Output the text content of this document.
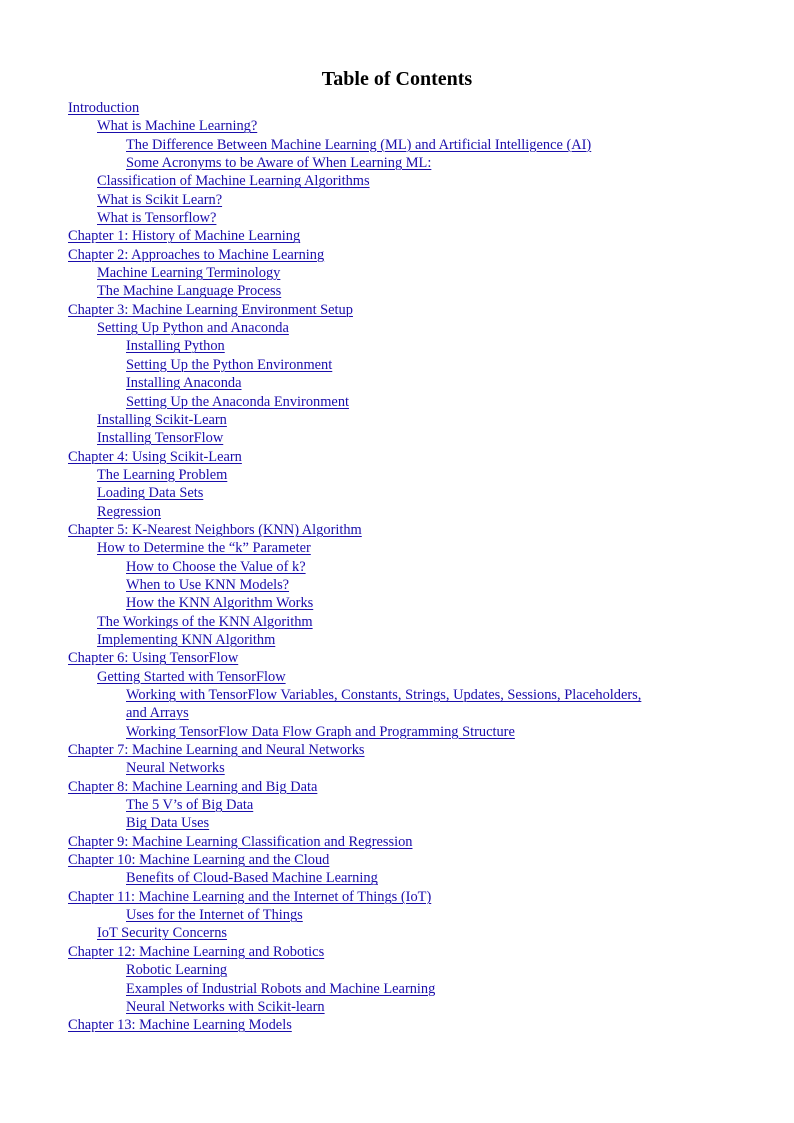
Table of Contents
Introduction
What is Machine Learning?
The Difference Between Machine Learning (ML) and Artificial Intelligence (AI)
Some Acronyms to be Aware of When Learning ML:
Classification of Machine Learning Algorithms
What is Scikit Learn?
What is Tensorflow?
Chapter 1: History of Machine Learning
Chapter 2: Approaches to Machine Learning
Machine Learning Terminology
The Machine Language Process
Chapter 3: Machine Learning Environment Setup
Setting Up Python and Anaconda
Installing Python
Setting Up the Python Environment
Installing Anaconda
Setting Up the Anaconda Environment
Installing Scikit-Learn
Installing TensorFlow
Chapter 4: Using Scikit-Learn
The Learning Problem
Loading Data Sets
Regression
Chapter 5: K-Nearest Neighbors (KNN) Algorithm
How to Determine the “k” Parameter
How to Choose the Value of k?
When to Use KNN Models?
How the KNN Algorithm Works
The Workings of the KNN Algorithm
Implementing KNN Algorithm
Chapter 6: Using TensorFlow
Getting Started with TensorFlow
Working with TensorFlow Variables, Constants, Strings, Updates, Sessions, Placeholders,
and Arrays
Working TensorFlow Data Flow Graph and Programming Structure
Chapter 7: Machine Learning and Neural Networks
Neural Networks
Chapter 8: Machine Learning and Big Data
The 5 V’s of Big Data
Big Data Uses
Chapter 9: Machine Learning Classification and Regression
Chapter 10: Machine Learning and the Cloud
Benefits of Cloud-Based Machine Learning
Chapter 11: Machine Learning and the Internet of Things (IoT)
Uses for the Internet of Things
IoT Security Concerns
Chapter 12: Machine Learning and Robotics
Robotic Learning
Examples of Industrial Robots and Machine Learning
Neural Networks with Scikit-learn
Chapter 13: Machine Learning Models
